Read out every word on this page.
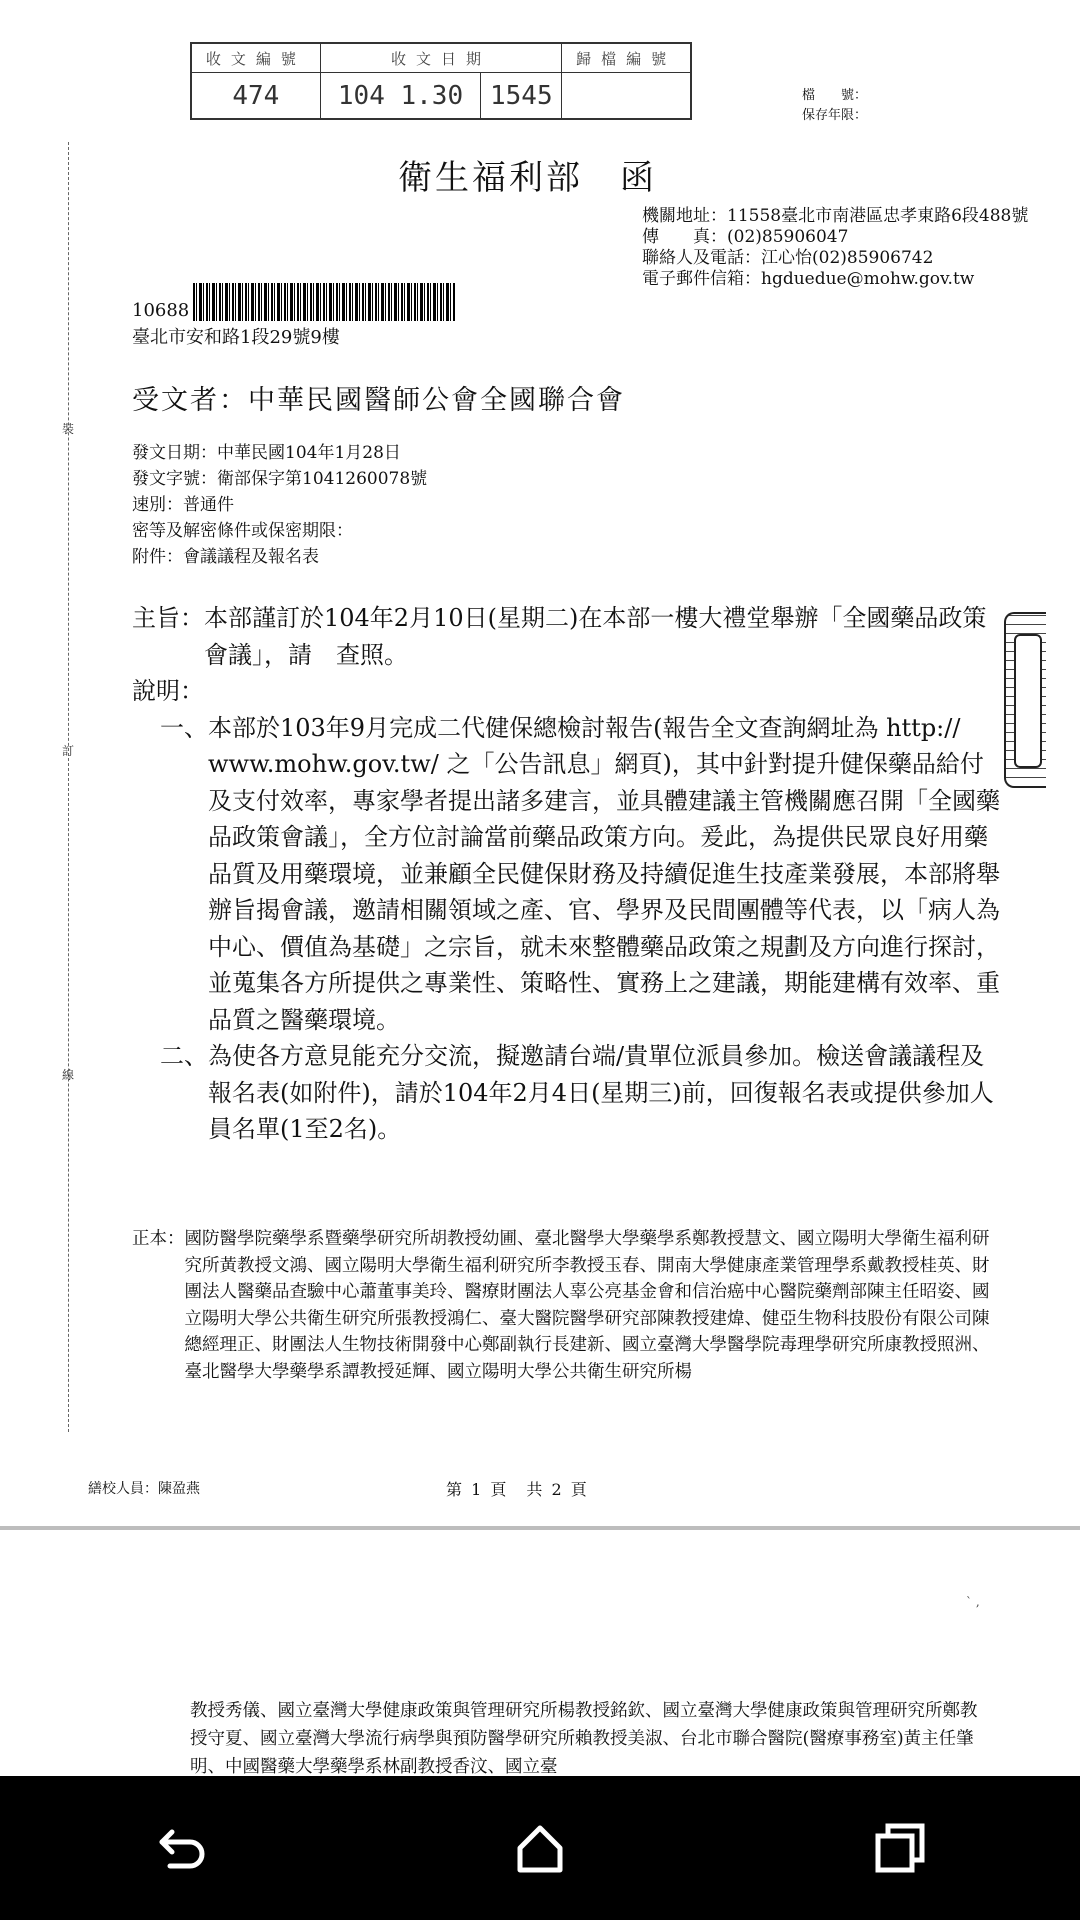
收文編號	收文日期		歸檔編號
474	104 1.30	1545		檔　　號：
保存年限：
衛生福利部　函
機關地址：11558臺北市南港區忠孝東路6段488號
傳　　真：(02)85906047
聯絡人及電話：江心怡(02)85906742
電子郵件信箱：hgduedue@mohw.gov.tw
10688
臺北市安和路1段29號9樓
受文者：中華民國醫師公會全國聯合會
發文日期：中華民國104年1月28日
發文字號：衛部保字第1041260078號
速別：普通件
密等及解密條件或保密期限：
附件：會議議程及報名表
主旨： 本部謹訂於104年2月10日(星期二)在本部一樓大禮堂舉辦「全國藥品政策會議」，請　查照。
說明：
一、 本部於103年9月完成二代健保總檢討報告(報告全文查詢網址為 http:// www.mohw.gov.tw/ 之「公告訊息」網頁)，其中針對提升健保藥品給付及支付效率，專家學者提出諸多建言，並具體建議主管機關應召開「全國藥品政策會議」，全方位討論當前藥品政策方向。爰此，為提供民眾良好用藥品質及用藥環境，並兼顧全民健保財務及持續促進生技產業發展，本部將舉辦旨揭會議，邀請相關領域之產、官、學界及民間團體等代表，以「病人為中心、價值為基礎」之宗旨，就未來整體藥品政策之規劃及方向進行探討，並蒐集各方所提供之專業性、策略性、實務上之建議，期能建構有效率、重品質之醫藥環境。
二、 為使各方意見能充分交流，擬邀請台端/貴單位派員參加。檢送會議議程及報名表(如附件)，請於104年2月4日(星期三)前，回復報名表或提供參加人員名單(1至2名)。
正本： 國防醫學院藥學系暨藥學研究所胡教授幼圃、臺北醫學大學藥學系鄭教授慧文、國立陽明大學衛生福利研究所黃教授文鴻、國立陽明大學衛生福利研究所李教授玉春、開南大學健康產業管理學系戴教授桂英、財團法人醫藥品查驗中心蕭董事美玲、醫療財團法人辜公亮基金會和信治癌中心醫院藥劑部陳主任昭姿、國立陽明大學公共衛生研究所張教授鴻仁、臺大醫院醫學研究部陳教授建煒、健亞生物科技股份有限公司陳總經理正、財團法人生物技術開發中心鄭副執行長建新、國立臺灣大學醫學院毒理學研究所康教授照洲、臺北醫學大學藥學系譚教授延輝、國立陽明大學公共衛生研究所楊
裝
訂
線
繕校人員：陳盈燕	第 1 頁　共 2 頁
` ,
教授秀儀、國立臺灣大學健康政策與管理研究所楊教授銘欽、國立臺灣大學健康政策與管理研究所鄭教授守夏、國立臺灣大學流行病學與預防醫學研究所賴教授美淑、台北市聯合醫院(醫療事務室)黃主任肇明、中國醫藥大學藥學系林副教授香汶、國立臺
